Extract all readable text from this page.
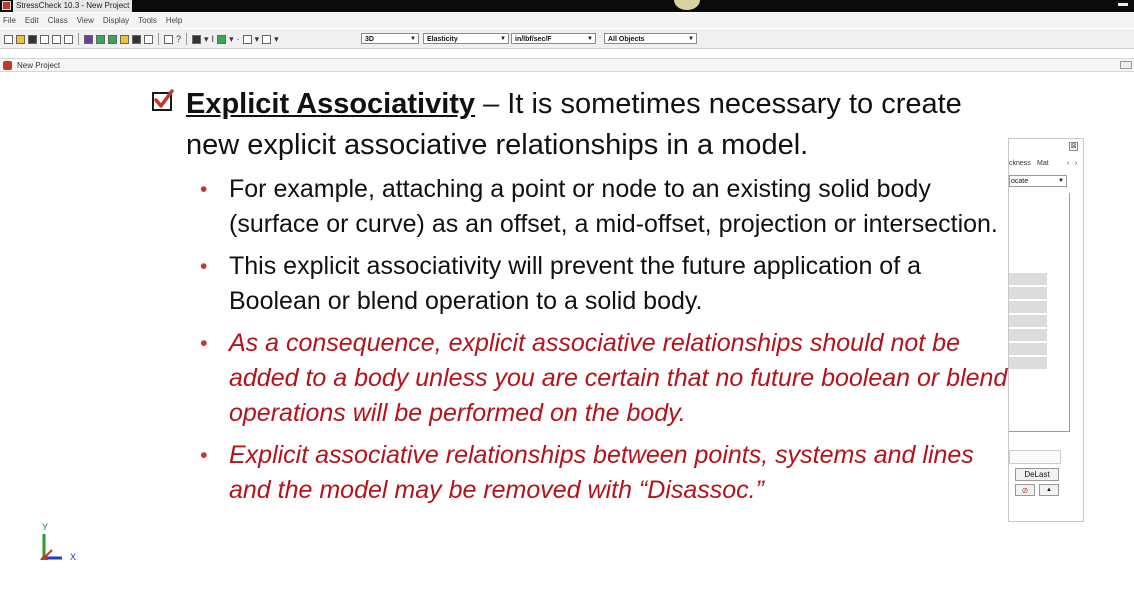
StressCheck 10.3 - New Project
File Edit Class View Display Tools Help
?	▾ I ▾ · ▾ ▾	3D	▼	Elasticity	▼	in/lbf/sec/F	▼	All Objects	▼
New Project
⊠
ckness Mat	‹ ›
ocate	▼
DeLast
⊘	▲
Explicit Associativity – It is sometimes necessary to create new explicit associative relationships in a model.
• For example, attaching a point or node to an existing solid body (surface or curve) as an offset, a mid-offset, projection or intersection.
• This explicit associativity will prevent the future application of a Boolean or blend operation to a solid body.
• As a consequence, explicit associative relationships should not be added to a body unless you are certain that no future boolean or blend operations will be performed on the body.
• Explicit associative relationships between points, systems and lines and the model may be removed with “Disassoc.”
Y
X
